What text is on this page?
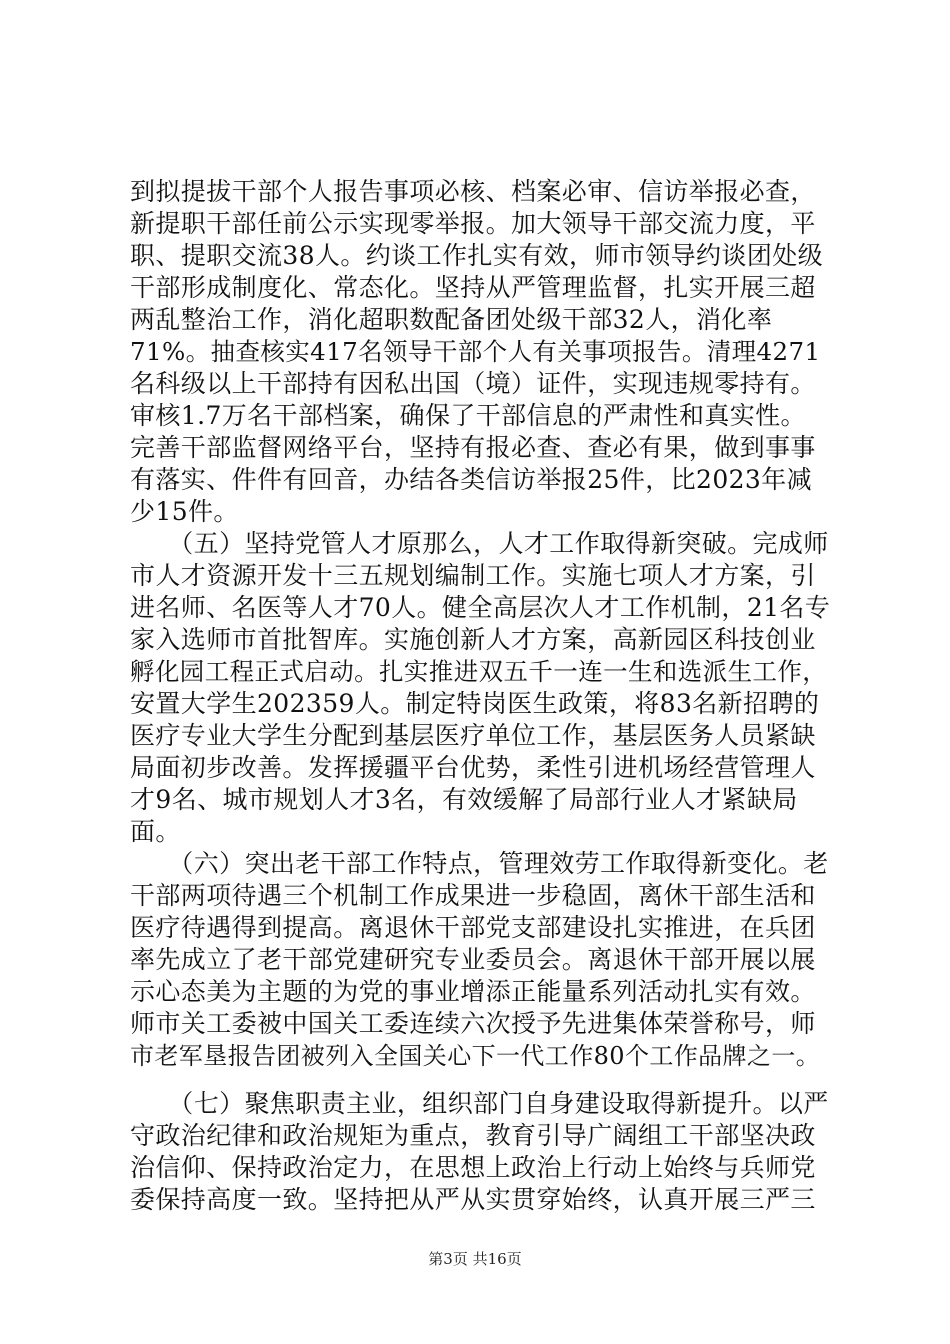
到拟提拔干部个人报告事项必核、档案必审、信访举报必查，
新提职干部任前公示实现零举报。加大领导干部交流力度，平
职、提职交流38人。约谈工作扎实有效，师市领导约谈团处级
干部形成制度化、常态化。坚持从严管理监督，扎实开展三超
两乱整治工作，消化超职数配备团处级干部32人，消化率
71%。抽查核实417名领导干部个人有关事项报告。清理4271
名科级以上干部持有因私出国（境）证件，实现违规零持有。
审核1.7万名干部档案，确保了干部信息的严肃性和真实性。
完善干部监督网络平台，坚持有报必查、查必有果，做到事事
有落实、件件有回音，办结各类信访举报25件，比2023年减
少15件。
　　（五）坚持党管人才原那么，人才工作取得新突破。完成师
市人才资源开发十三五规划编制工作。实施七项人才方案，引
进名师、名医等人才70人。健全高层次人才工作机制，21名专
家入选师市首批智库。实施创新人才方案，高新园区科技创业
孵化园工程正式启动。扎实推进双五千一连一生和选派生工作，
安置大学生202359人。制定特岗医生政策，将83名新招聘的
医疗专业大学生分配到基层医疗单位工作，基层医务人员紧缺
局面初步改善。发挥援疆平台优势，柔性引进机场经营管理人
才9名、城市规划人才3名，有效缓解了局部行业人才紧缺局
面。
　　（六）突出老干部工作特点，管理效劳工作取得新变化。老
干部两项待遇三个机制工作成果进一步稳固，离休干部生活和
医疗待遇得到提高。离退休干部党支部建设扎实推进，在兵团
率先成立了老干部党建研究专业委员会。离退休干部开展以展
示心态美为主题的为党的事业增添正能量系列活动扎实有效。
师市关工委被中国关工委连续六次授予先进集体荣誉称号，师
市老军垦报告团被列入全国关心下一代工作80个工作品牌之一。
　　（七）聚焦职责主业，组织部门自身建设取得新提升。以严
守政治纪律和政治规矩为重点，教育引导广阔组工干部坚决政
治信仰、保持政治定力，在思想上政治上行动上始终与兵师党
委保持高度一致。坚持把从严从实贯穿始终，认真开展三严三
第3页 共16页
